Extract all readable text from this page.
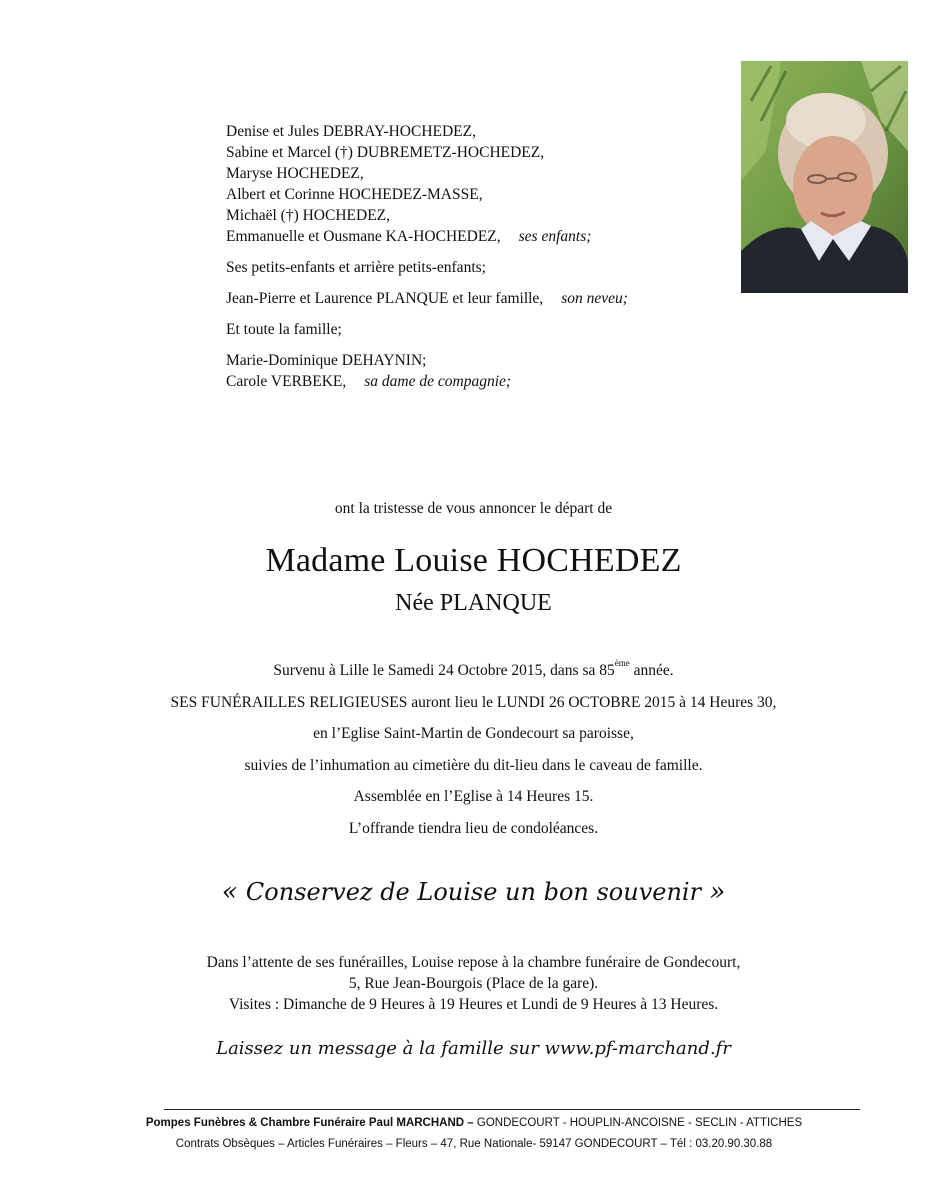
Denise et Jules DEBRAY-HOCHEDEZ,

Sabine et Marcel (†) DUBREMETZ-HOCHEDEZ,

Maryse HOCHEDEZ,

Albert et Corinne HOCHEDEZ-MASSE,

Michaël (†) HOCHEDEZ,

Emmanuelle et Ousmane KA-HOCHEDEZ, ses enfants;

Ses petits-enfants et arrière petits-enfants;

Jean-Pierre et Laurence PLANQUE et leur famille, son neveu;

Et toute la famille;

Marie-Dominique DEHAYNIN;

Carole VERBEKE, sa dame de compagnie;

ont la tristesse de vous annoncer le départ de
Madame Louise HOCHEDEZ
Née PLANQUE

Survenu à Lille le Samedi 24 Octobre 2015, dans sa 85ème année.

SES FUNÉRAILLES RELIGIEUSES auront lieu le LUNDI 26 OCTOBRE 2015 à 14 Heures 30,

en l’Eglise Saint-Martin de Gondecourt sa paroisse,

suivies de l’inhumation au cimetière du dit-lieu dans le caveau de famille.

Assemblée en l’Eglise à 14 Heures 15.

L’offrande tiendra lieu de condoléances.

« Conservez de Louise un bon souvenir »

Dans l’attente de ses funérailles, Louise repose à la chambre funéraire de Gondecourt,

5, Rue Jean-Bourgois (Place de la gare).

Visites : Dimanche de 9 Heures à 19 Heures et Lundi de 9 Heures à 13 Heures.

Laissez un message à la famille sur www.pf-marchand.fr
Pompes Funèbres & Chambre Funéraire Paul MARCHAND – GONDECOURT - HOUPLIN-ANCOISNE - SECLIN - ATTICHES
Contrats Obsèques – Articles Funéraires – Fleurs – 47, Rue Nationale- 59147 GONDECOURT – Tél : 03.20.90.30.88
